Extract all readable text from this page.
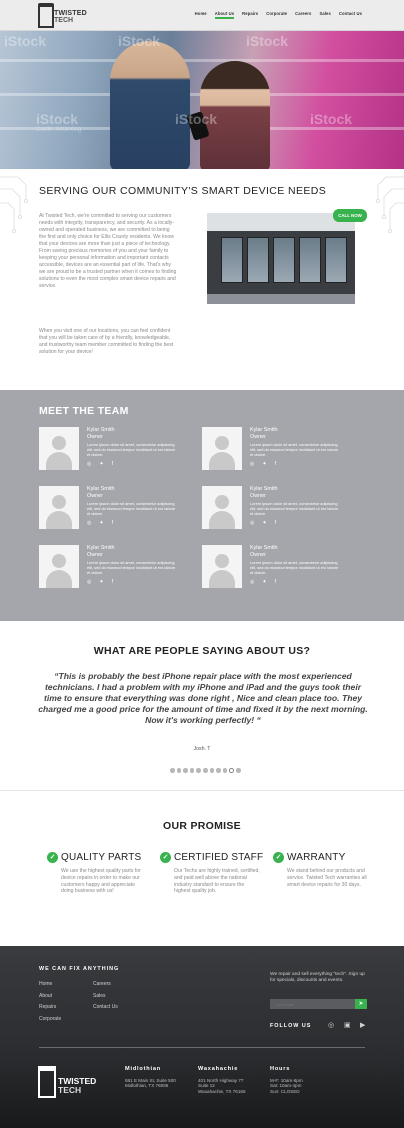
TWISTED
TECH
Home	About Us	Repairs	Corporate	Careers	Sales	Contact Us
iStock	iStock	iStock
iStock
Credit: XiXinXing
iStock	iStock
SERVING OUR COMMUNITY'S SMART DEVICE NEEDS

At Twisted Tech, we're committed to serving our customers needs with integrity, transparency, and security. As a locally-owned and operated business, we are committed to being the first and only choice for Ellis County residents. We know that your devices are more than just a piece of technology. From saving precious memories of you and your family to keeping your personal information and important contacts accessible, devices are an essential part of life. That's why we are proud to be a trusted partner when it comes to finding solutions to even the most complex smart device repairs and service.

When you visit one of our locations, you can feel confident that you will be taken care of by a friendly, knowledgeable, and trustworthy team member committed to finding the best solution for your device!

CALL NOW
MEET THE TEAM
Kylar Smith
Owner
Lorem ipsum dolor sit amet, consectetur adipiscing elit, sed do eiusmod tempor incididunt ut ero labore et dolore.
◎ ✦ f
Kylar Smith
Owner
Lorem ipsum dolor sit amet, consectetur adipiscing elit, sed do eiusmod tempor incididunt ut ero labore et dolore.
◎ ✦ f
Kylar Smith
Owner
Lorem ipsum dolor sit amet, consectetur adipiscing elit, sed do eiusmod tempor incididunt ut ero labore et dolore.
◎ ✦ f
Kylar Smith
Owner
Lorem ipsum dolor sit amet, consectetur adipiscing elit, sed do eiusmod tempor incididunt ut ero labore et dolore.
◎ ✦ f
Kylar Smith
Owner
Lorem ipsum dolor sit amet, consectetur adipiscing elit, sed do eiusmod tempor incididunt ut ero labore et dolore.
◎ ✦ f
Kylar Smith
Owner
Lorem ipsum dolor sit amet, consectetur adipiscing elit, sed do eiusmod tempor incididunt ut ero labore et dolore.
◎ ✦ f
WHAT ARE PEOPLE SAYING ABOUT US?

“This is probably the best iPhone repair place with the most experienced technicians. I had a problem with my iPhone and iPad and the guys took their time to ensure that everything was done right , Nice and clean place too. They charged me a good price for the amount of time and fixed it by the next morning. Now it's working perfectly! “

Josh. T
OUR PROMISE
✓ QUALITY PARTS
We use the highest quality parts for device repairs in order to make our customers happy and appreciate doing business with us!
✓ CERTIFIED STAFF
Our Techs are highly trained, certified, and paid well above the national industry standard to ensure the highest quality job.
✓ WARRANTY
We stand behind our products and service. Twisted Tech warranties all smart device repairs for 30 days.
WE CAN FIX ANYTHING
Home
About
Repairs
Corporate
Careers
Sales
Contact Us
We repair and sell everything "tech". Sign up for specials, discounts and events.
Your Email
➤
FOLLOW US ◎ ▣ ▶
TWISTED
TECH
Midlothian
681 E Main St, Suite 500
Midlothian, TX 76065
Waxahachie
401 North Highway 77
Suite 12
Waxahachie, TX 76165
Hours
M-F: 10am-6pm
Sat: 10am-4pm
Sun: CLOSED
